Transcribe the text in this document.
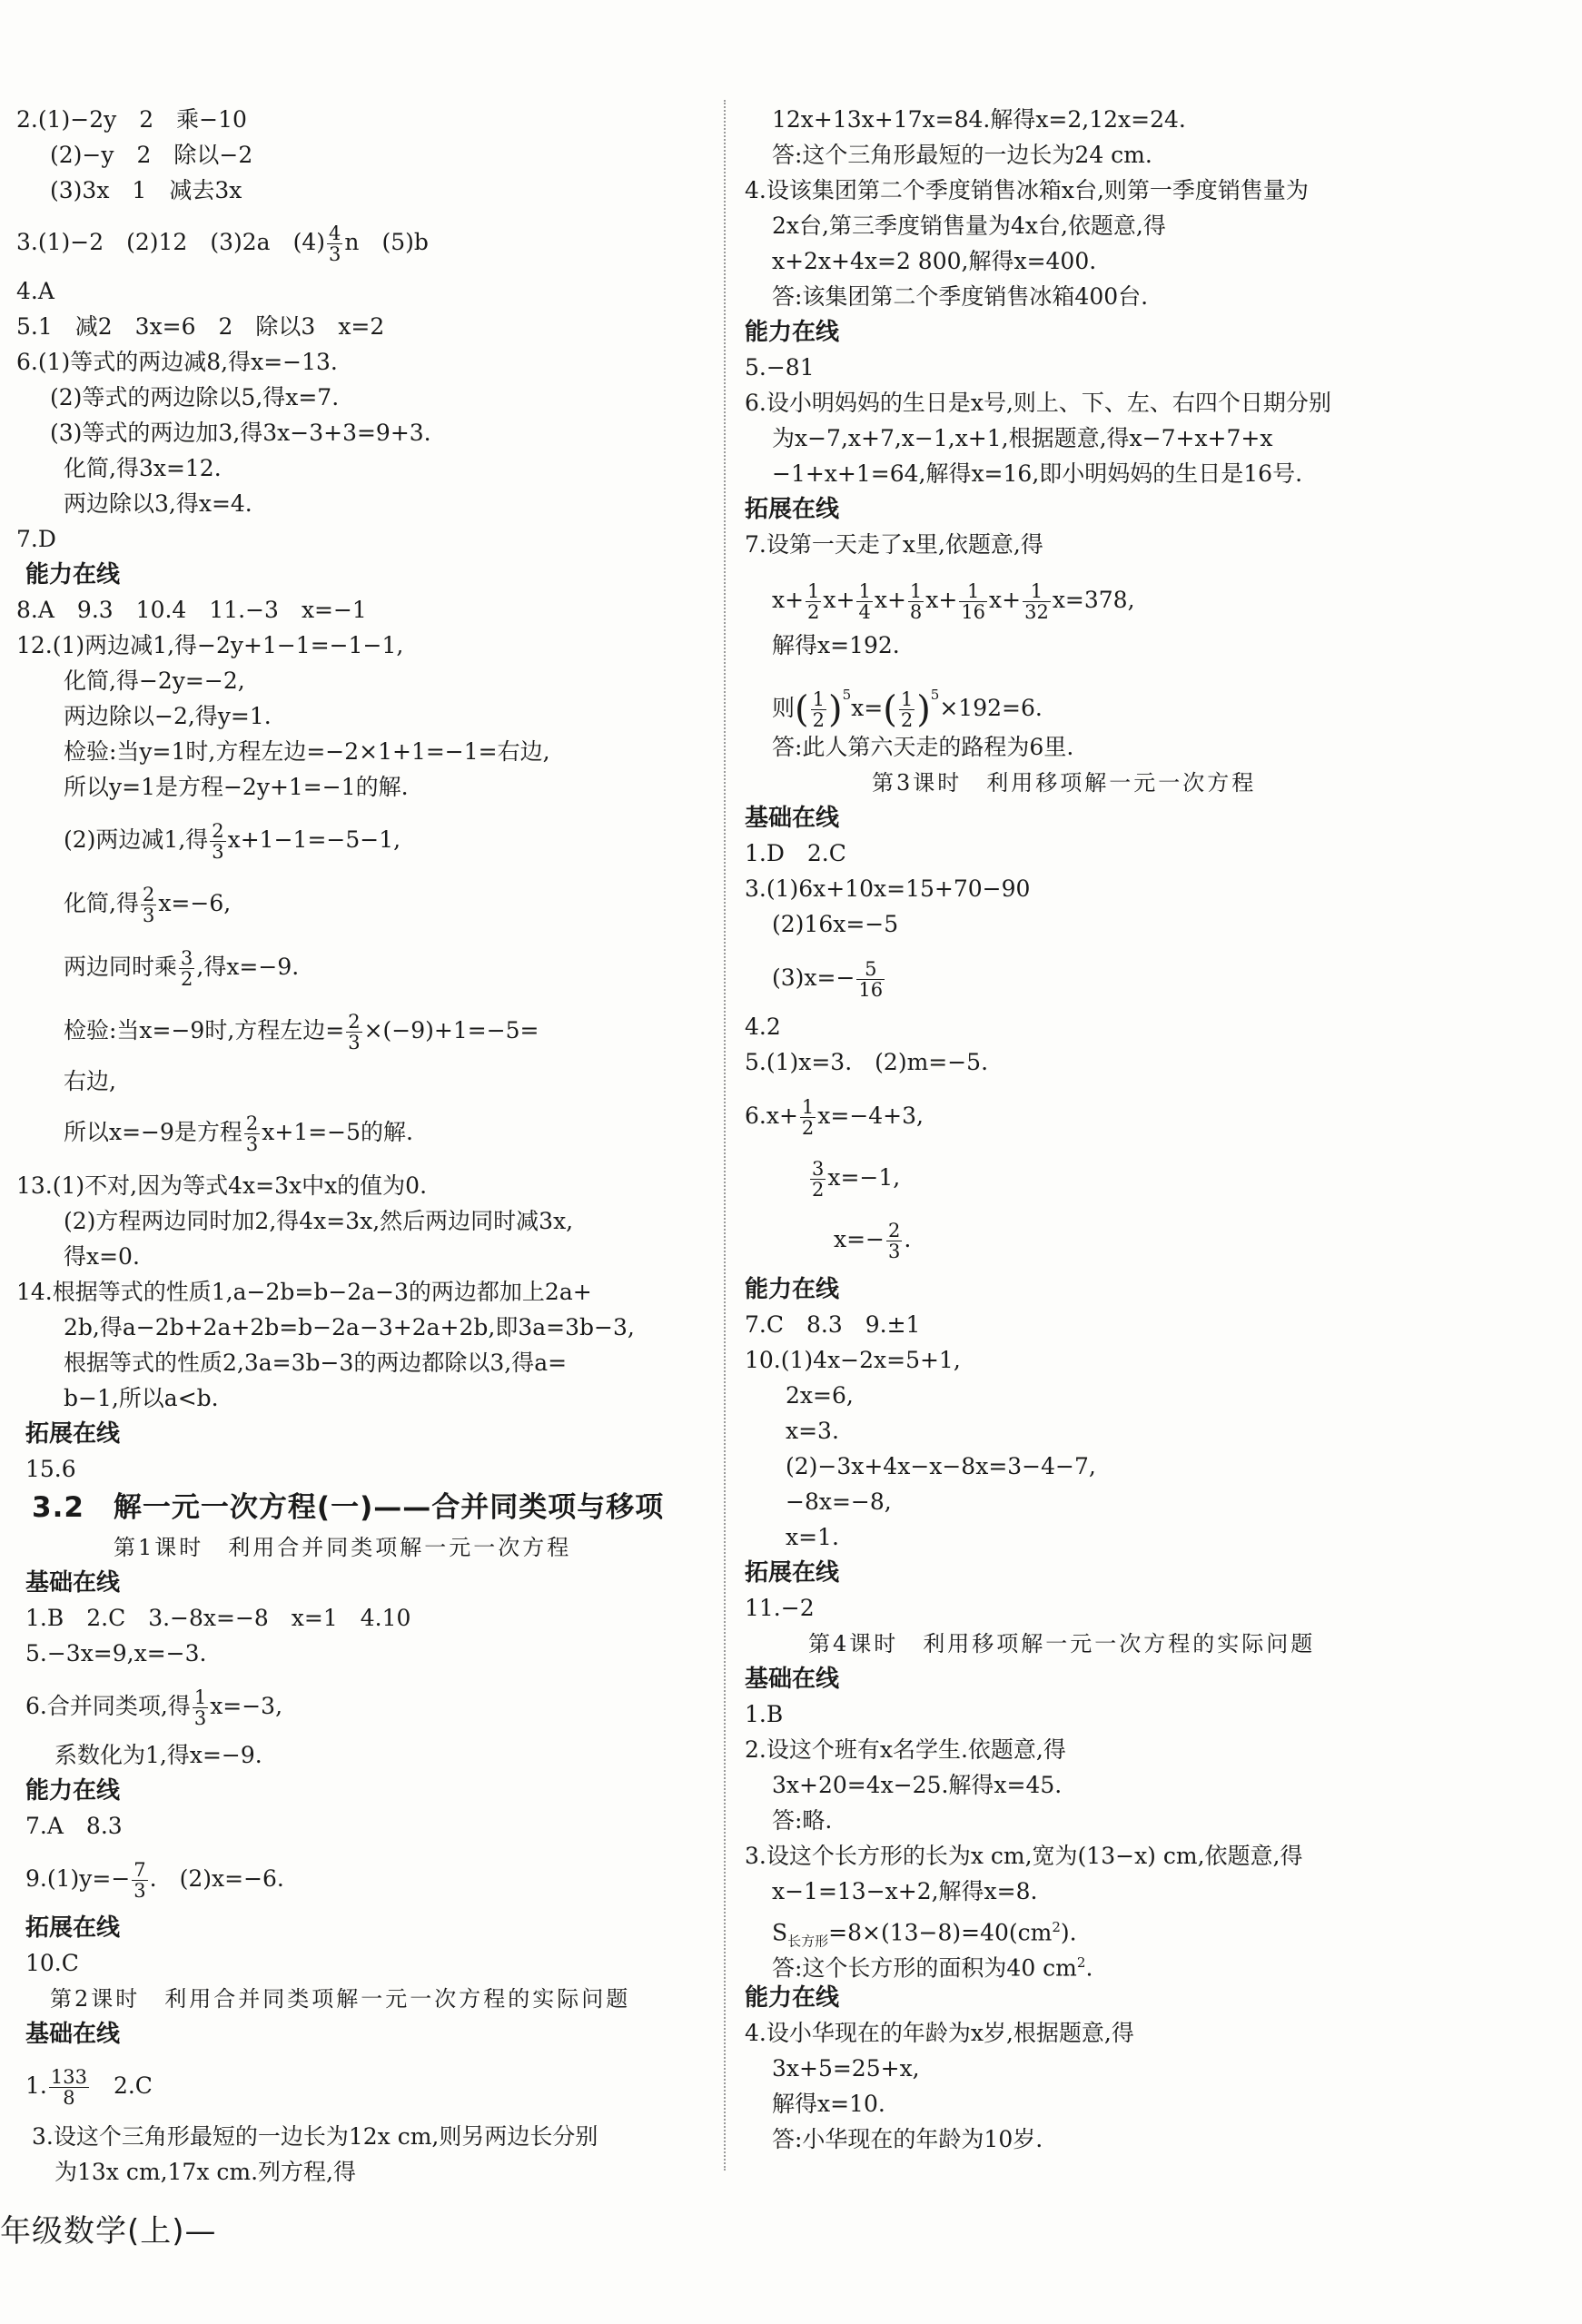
2.(1)−2y　2　乘−10
(2)−y　2　除以−2
(3)3x　1　减去3x
3.(1)−2　(2)12　(3)2a　$(4) \frac{4}{3}$ n　(5)b
4.A
5.1　减2　3x=6　2　除以3　x=2
6.(1)等式的两边减8,得x=−13.
(2)等式的两边除以5,得x=7.
(3)等式的两边加3,得3x−3+3=9+3.
化简,得3x=12.
两边除以3,得x=4.
7.D
能力在线
8.A　9.3　10.4　11.−3　x=−1
12.(1)两边减1,得−2y+1−1=−1−1,
化简,得−2y=−2,
两边除以−2,得y=1.
检验:当y=1时,方程左边=−2×1+1=−1=右边,
所以y=1是方程−2y+1=−1的解.
(2)两边减1,得 $\frac{2}{3} x+1-1=-5-1$,
化简,得 $\frac{2}{3} x=-6$,
两边同时乘 $\frac{3}{2}$ ,得x=−9.
检验:当x=−9时,方程左边= $\frac{2}{3} \times(-9)+1=-5=$
右边,
所以x=−9是方程 $\frac{2}{3} x+1=-5$的解.
13.(1)不对,因为等式4x=3x中x的值为0.
(2)方程两边同时加2,得4x=3x,然后两边同时减3x,
得x=0.
14.根据等式的性质1,a−2b=b−2a−3的两边都加上2a+
2b,得a−2b+2a+2b=b−2a−3+2a+2b,即3a=3b−3,
根据等式的性质2,3a=3b−3的两边都除以3,得a=
b−1,所以a<b.
拓展在线
15.6
3.2　解一元一次方程(一)——合并同类项与移项
第1课时　利用合并同类项解一元一次方程
基础在线
1.B　2.C　3.−8x=−8　x=1　4.10
5.−3x=9,x=−3.
6.合并同类项,得 $\frac{1}{3} x=-3$,
系数化为1,得x=−9.
能力在线
7.A　8.3
$9.(1)y=- \frac{7}{3}$ .　(2)x=−6.
拓展在线
10.C
第2课时　利用合并同类项解一元一次方程的实际问题
基础在线
1. $\frac{133}{8}$ 　2.C
3.设这个三角形最短的一边长为12x cm,则另两边长分别
为13x cm,17x cm.列方程,得
12x+13x+17x=84.解得x=2,12x=24.
答:这个三角形最短的一边长为24 cm.
4.设该集团第二个季度销售冰箱x台,则第一季度销售量为
2x台,第三季度销售量为4x台,依题意,得
x+2x+4x=2 800,解得x=400.
答:该集团第二个季度销售冰箱400台.
能力在线
5.−81
6.设小明妈妈的生日是x号,则上、下、左、右四个日期分别
为x−7,x+7,x−1,x+1,根据题意,得x−7+x+7+x
−1+x+1=64,解得x=16,即小明妈妈的生日是16号.
拓展在线
7.设第一天走了x里,依题意,得
$x+ \frac{1}{2} x+ \frac{1}{4} x+ \frac{1}{8} x+ \frac{1}{16} x+ \frac{1}{32} x=378$,
解得x=192.
则( $\frac{1}{2} )^5x=( \frac{1}{2} )^5\times 192=6$.
答:此人第六天走的路程为6里.
第3课时　利用移项解一元一次方程
基础在线
1.D　2.C
3.(1)6x+10x=15+70−90
(2)16x=−5
$(3)x=- \frac{5}{16}$
4.2
5.(1)x=3.　(2)m=−5.
$6.x+ \frac{1}{2} x=-4+3$,
$\frac{3}{2} x=-1$,
$x=- \frac{2}{3}$ .
能力在线
7.C　8.3　9.±1
10.(1)4x−2x=5+1,
2x=6,
x=3.
(2)−3x+4x−x−8x=3−4−7,
−8x=−8,
x=1.
拓展在线
11.−2
第4课时　利用移项解一元一次方程的实际问题
基础在线
1.B
2.设这个班有x名学生.依题意,得
3x+20=4x−25.解得x=45.
答:略.
3.设这个长方形的长为x cm,宽为(13−x) cm,依题意,得
x−1=13−x+2,解得x=8.
$S_{长方形}=8\times(13-8)=40(cm^2)$.
答:这个长方形的面积为40 $cm^2$.
能力在线
4.设小华现在的年龄为x岁,根据题意,得
3x+5=25+x,
解得x=10.
答:小华现在的年龄为10岁.
年级数学(上)—
